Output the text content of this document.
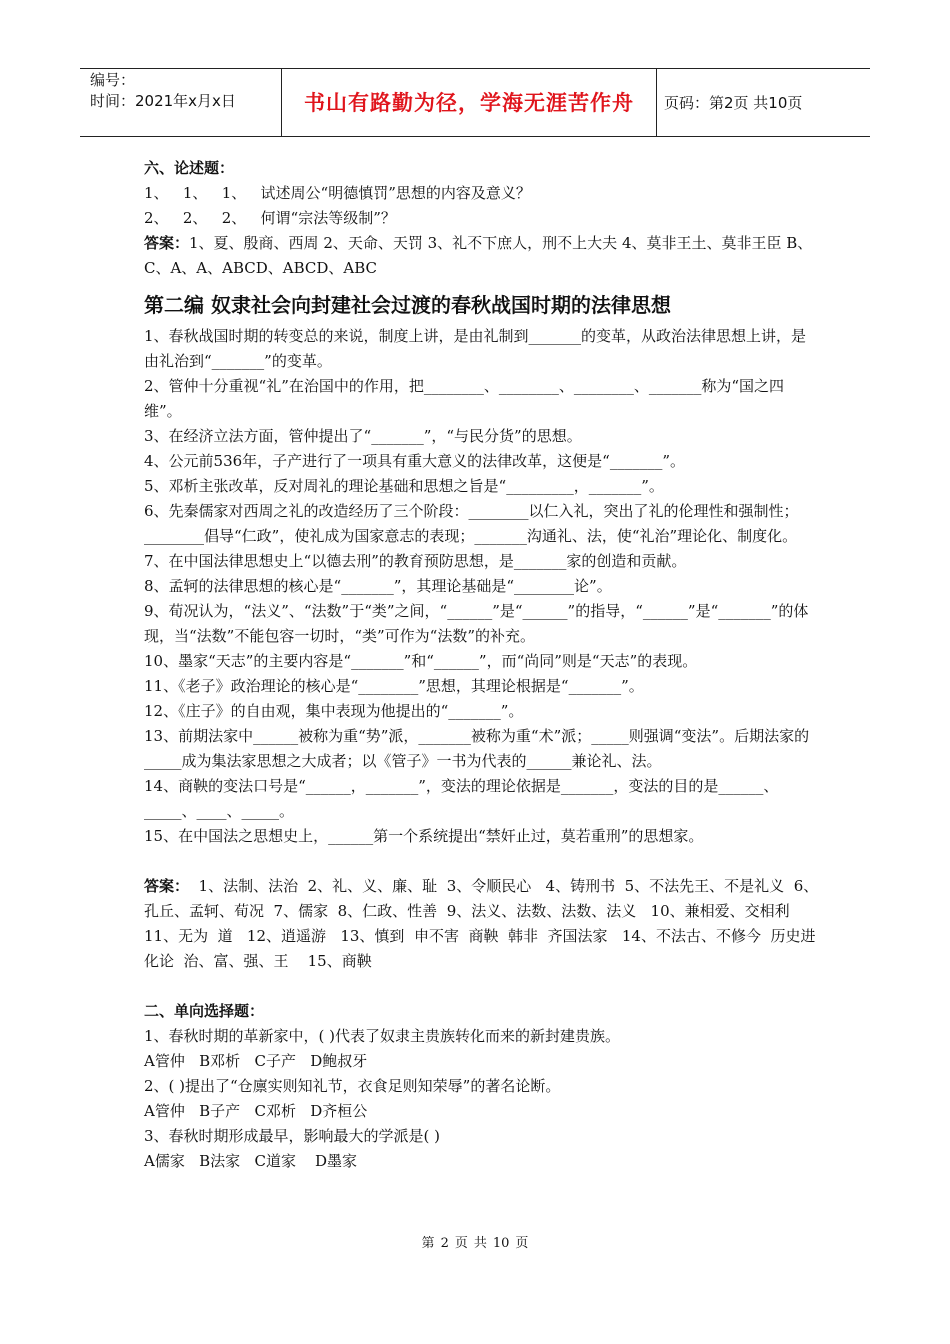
编号：
时间：2021年x月x日	书山有路勤为径，学海无涯苦作舟	页码：第2页 共10页

六、论述题：

1、   1、   1、   试述周公“明德慎罚”思想的内容及意义？

2、   2、   2、   何谓“宗法等级制”？

答案：1、夏、殷商、西周 2、天命、天罚 3、礼不下庶人，刑不上大夫 4、莫非王土、莫非王臣 B、C、A、A、ABCD、ABCD、ABC

第二编 奴隶社会向封建社会过渡的春秋战国时期的法律思想

1、春秋战国时期的转变总的来说，制度上讲，是由礼制到_______的变革，从政治法律思想上讲，是由礼治到“_______”的变革。

2、管仲十分重视“礼”在治国中的作用，把________、________、________、_______称为“国之四维”。

3、在经济立法方面，管仲提出了“_______”，“与民分货”的思想。

4、公元前536年，子产进行了一项具有重大意义的法律改革，这便是“_______”。

5、邓析主张改革，反对周礼的理论基础和思想之旨是“_________，_______”。

6、先秦儒家对西周之礼的改造经历了三个阶段：________以仁入礼，突出了礼的伦理性和强制性；________倡导“仁政”，使礼成为国家意志的表现；_______沟通礼、法，使“礼治”理论化、制度化。

7、在中国法律思想史上“以德去刑”的教育预防思想，是_______家的创造和贡献。

8、孟轲的法律思想的核心是“_______”，其理论基础是“________论”。

9、荀况认为，“法义”、“法数”于“类”之间，“______”是“______”的指导，“______”是“_______”的体现，当“法数”不能包容一切时，“类”可作为“法数”的补充。

10、墨家“天志”的主要内容是“_______”和“______”，而“尚同”则是“天志”的表现。

11、《老子》政治理论的核心是“________”思想，其理论根据是“_______”。

12、《庄子》的自由观，集中表现为他提出的“_______”。

13、前期法家中______被称为重“势”派，_______被称为重“术”派；_____则强调“变法”。后期法家的_____成为集法家思想之大成者；以《管子》一书为代表的______兼论礼、法。

14、商鞅的变法口号是“______，_______”，变法的理论依据是_______，变法的目的是______、_____、____、_____。

15、在中国法之思想史上，______第一个系统提出“禁奸止过，莫若重刑”的思想家。

答案：  1、法制、法治  2、礼、义、廉、耻  3、令顺民心   4、铸刑书  5、不法先王、不是礼义  6、孔丘、孟轲、荀况  7、儒家  8、仁政、性善  9、法义、法数、法数、法义   10、兼相爱、交相利   11、无为  道   12、逍遥游   13、慎到  申不害  商鞅  韩非  齐国法家   14、不法古、不修今  历史进化论  治、富、强、王    15、商鞅

二、单向选择题：

1、春秋时期的革新家中，( )代表了奴隶主贵族转化而来的新封建贵族。

A管仲   B邓析   C子产   D鲍叔牙

2、( )提出了“仓廪实则知礼节，衣食足则知荣辱”的著名论断。

A管仲   B子产   C邓析   D齐桓公

3、春秋时期形成最早，影响最大的学派是( )

A儒家   B法家   C道家    D墨家

第 2 页 共 10 页
